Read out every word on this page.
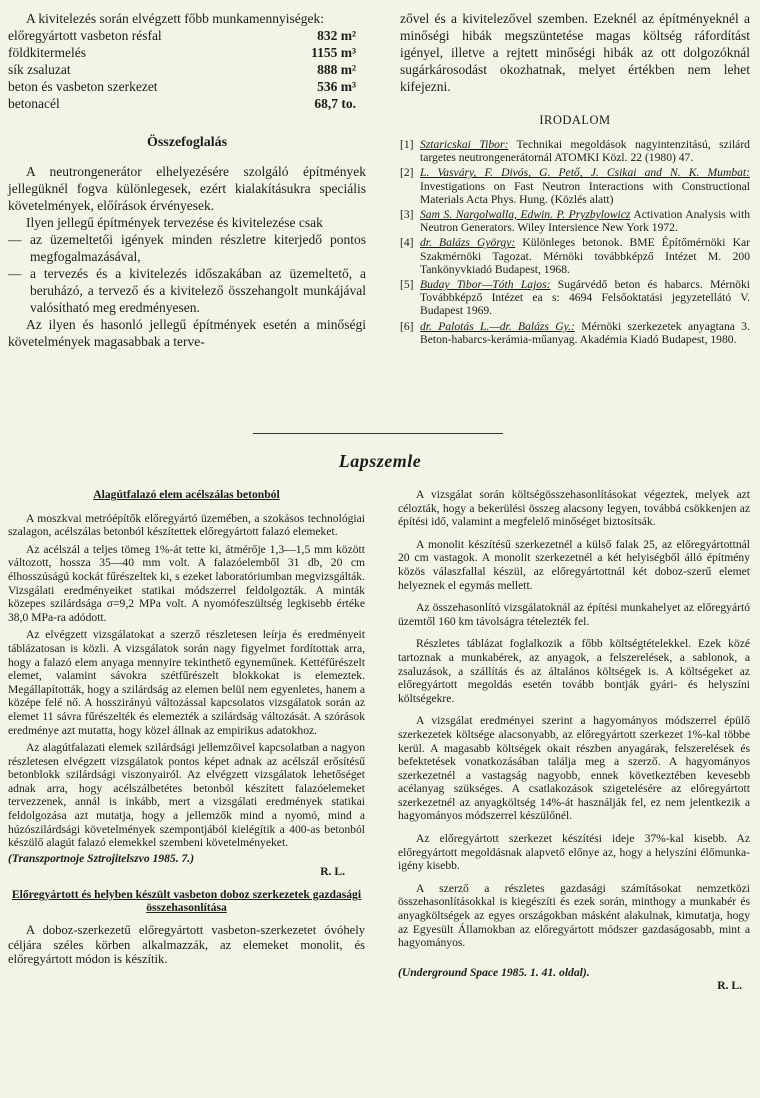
A kivitelezés során elvégzett főbb munkamennyiségek:

előregyártott vasbeton résfal	832 m²
földkitermelés	1155 m³
sík zsaluzat	888 m²
beton és vasbeton szerkezet	536 m³
betonacél	68,7 to.
Összefoglalás

A neutrongenerátor elhelyezésére szolgáló építmények jellegüknél fogva különlegesek, ezért kialakításukra speciális követelmények, előírások érvényesek.

Ilyen jellegű építmények tervezése és kivitelezése csak

— az üzemeltetői igények minden részletre kiterjedő pontos megfogalmazásával,
— a tervezés és a kivitelezés időszakában az üzemeltető, a beruházó, a tervező és a kivitelező összehangolt munkájával valósítható meg eredményesen.

Az ilyen és hasonló jellegű építmények esetén a minőségi követelmények magasabbak a terve-

zővel és a kivitelezővel szemben. Ezeknél az építményeknél a minőségi hibák megszüntetése magas költség ráfordítást igényel, illetve a rejtett minőségi hibák az ott dolgozóknál sugárkárosodást okozhatnak, melyet értékben nem lehet kifejezni.

IRODALOM
[1] Sztaricskai Tibor: Technikai megoldások nagyintenzitású, szilárd targetes neutrongenerátornál ATOMKI Közl. 22 (1980) 47.
[2] L. Vasváry, F. Divós, G. Pető, J. Csikai and N. K. Mumbat: Investigations on Fast Neutron Interactions with Constructional Materials Acta Phys. Hung. (Közlés alatt)
[3] Sam S. Nargolwalla, Edwin. P. Pryzbylowicz Activation Analysis with Neutron Generators. Wiley Intersience New York 1972.
[4] dr. Balázs György: Különleges betonok. BME Építőmérnöki Kar Szakmérnöki Tagozat. Mérnöki továbbképző Intézet M. 200 Tankönyvkiadó Budapest, 1968.
[5] Buday Tibor—Tóth Lajos: Sugárvédő beton és habarcs. Mérnöki Továbbképző Intézet ea s: 4694 Felsőoktatási jegyzetellátó V. Budapest 1969.
[6] dr. Palotás L.—dr. Balázs Gy.: Mérnöki szerkezetek anyagtana 3. Beton-habarcs-kerámia-műanyag. Akadémia Kiadó Budapest, 1980.
Lapszemle
Alagútfalazó elem acélszálas betonból

A moszkvai metróépítők előregyártó üzemében, a szokásos technológiai szalagon, acélszálas betonból készítettek előregyártott falazó elemeket.

Az acélszál a teljes tömeg 1%-át tette ki, átmérője 1,3—1,5 mm között változott, hossza 35—40 mm volt. A falazóelemből 31 db, 20 cm élhosszúságú kockát fűrészeltek ki, s ezeket laboratóriumban megvizsgálták. Vizsgálati eredményeiket statikai módszerrel feldolgozták. A minták közepes szilárdsága σ=9,2 MPa volt. A nyomófeszültség legkisebb értéke 38,0 MPa-ra adódott.

Az elvégzett vizsgálatokat a szerző részletesen leírja és eredményeit táblázatosan is közli. A vizsgálatok során nagy figyelmet fordítottak arra, hogy a falazó elem anyaga mennyire tekinthető egyneműnek. Kettéfűrészelt elemet, valamint sávokra szétfűrészelt blokkokat is elemeztek. Megállapították, hogy a szilárdság az elemen belül nem egyenletes, hanem a középe felé nő. A hosszirányú változással kapcsolatos vizsgálatok során az elemet 11 sávra fűrészelték és elemezték a szilárdság változását. A szórások eredménye azt mutatta, hogy közel állnak az empirikus adatokhoz.

Az alagútfalazati elemek szilárdsági jellemzőivel kapcsolatban a nagyon részletesen elvégzett vizsgálatok pontos képet adnak az acélszál erősítésű betonblokk szilárdsági viszonyairól. Az elvégzett vizsgálatok lehetőséget adnak arra, hogy acélszálbetétes betonból készített falazóelemeket tervezzenek, annál is inkább, mert a vizsgálati eredmények statikai feldolgozása azt mutatja, hogy a jellemzők mind a nyomó, mind a húzószilárdsági követelmények szempontjából kielégítik a 400-as betonból készülő alagút falazó elemekkel szembeni követelményeket.

(Transzportnoje Sztrojitelszvo 1985. 7.)

R. L.

Előregyártott és helyben készült vasbeton doboz szerkezetek gazdasági összehasonlítása

A doboz-szerkezetű előregyártott vasbeton-szerkezetet óvóhely céljára széles körben alkalmazzák, az elemeket monolit, és előregyártott módon is készítik.

A vizsgálat során költségösszehasonlításokat végeztek, melyek azt célozták, hogy a bekerülési összeg alacsony legyen, továbbá csökkenjen az építési idő, valamint a megfelelő minőséget biztosítsák.

A monolit készítésű szerkezetnél a külső falak 25, az előregyártottnál 20 cm vastagok. A monolit szerkezetnél a két helyiségből álló építmény közös válaszfallal készül, az előregyártottnál két doboz-szerű elemet helyeznek el egymás mellett.

Az összehasonlító vizsgálatoknál az építési munkahelyet az előregyártó üzemtől 160 km távolságra tételezték fel.

Részletes táblázat foglalkozik a főbb költségtételekkel. Ezek közé tartoznak a munkabérek, az anyagok, a felszerelések, a sablonok, a zsaluzások, a szállítás és az általános költségek is. A költségeket az előregyártott megoldás esetén tovább bontják gyári- és helyszíni költségekre.

A vizsgálat eredményei szerint a hagyományos módszerrel épülő szerkezetek költsége alacsonyabb, az előregyártott szerkezet 1%-kal többe kerül. A magasabb költségek okait részben anyagárak, felszerelések és befektetések vonatkozásában találja meg a szerző. A hagyományos szerkezetnél a vastagság nagyobb, ennek következtében kevesebb acélanyag szükséges. A csatlakozások szigetelésére az előregyártott szerkezetnél az anyagköltség 14%-át használják fel, ez nem jelentkezik a hagyományos módszerrel készülőnél.

Az előregyártott szerkezet készítési ideje 37%-kal kisebb. Az előregyártott megoldásnak alapvető előnye az, hogy a helyszíni élőmunka-igény kisebb.

A szerző a részletes gazdasági számításokat nemzetközi összehasonlításokkal is kiegészíti és ezek során, minthogy a munkabér és anyagköltségek az egyes országokban másként alakulnak, kimutatja, hogy az Egyesült Államokban az előregyártott módszer gazdaságosabb, mint a hagyományos.

(Underground Space 1985. 1. 41. oldal).

R. L.
